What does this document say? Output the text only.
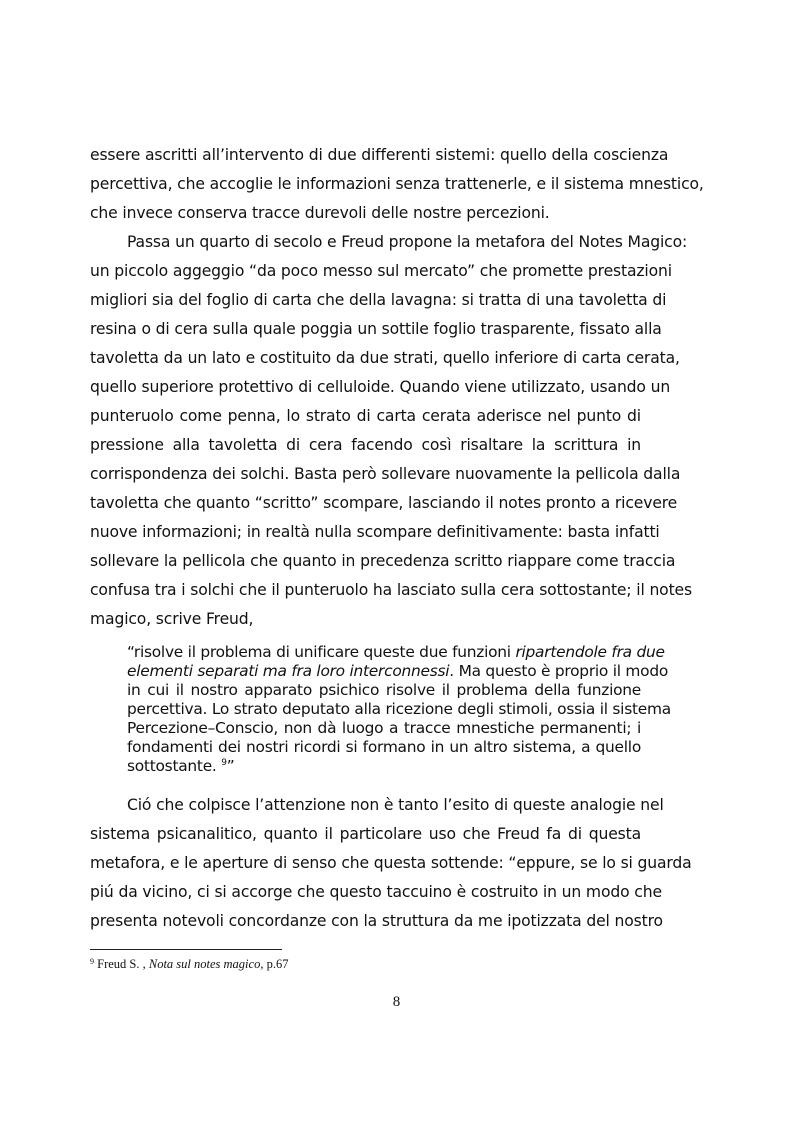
essere ascritti all’intervento di due differenti sistemi: quello della coscienza
percettiva, che accoglie le informazioni senza trattenerle, e il sistema mnestico,
che invece conserva tracce durevoli delle nostre percezioni.
Passa un quarto di secolo e Freud propone la metafora del Notes Magico:
un piccolo aggeggio “da poco messo sul mercato” che promette prestazioni
migliori sia del foglio di carta che della lavagna: si tratta di una tavoletta di
resina o di cera sulla quale poggia un sottile foglio trasparente, fissato alla
tavoletta da un lato e costituito da due strati, quello inferiore di carta cerata,
quello superiore protettivo di celluloide. Quando viene utilizzato, usando un
punteruolo come penna, lo strato di carta cerata aderisce nel punto di
pressione alla tavoletta di cera facendo così risaltare la scrittura in
corrispondenza dei solchi. Basta però sollevare nuovamente la pellicola dalla
tavoletta che quanto “scritto” scompare, lasciando il notes pronto a ricevere
nuove informazioni; in realtà nulla scompare definitivamente: basta infatti
sollevare la pellicola che quanto in precedenza scritto riappare come traccia
confusa tra i solchi che il punteruolo ha lasciato sulla cera sottostante; il notes
magico, scrive Freud,
“risolve il problema di unificare queste due funzioni ripartendole fra due
elementi separati ma fra loro interconnessi. Ma questo è proprio il modo
in cui il nostro apparato psichico risolve il problema della funzione
percettiva. Lo strato deputato alla ricezione degli stimoli, ossia il sistema
Percezione–Conscio, non dà luogo a tracce mnestiche permanenti; i
fondamenti dei nostri ricordi si formano in un altro sistema, a quello
sottostante. $^9$”
Ció che colpisce l’attenzione non è tanto l’esito di queste analogie nel
sistema psicanalitico, quanto il particolare uso che Freud fa di questa
metafora, e le aperture di senso che questa sottende: “eppure, se lo si guarda
piú da vicino, ci si accorge che questo taccuino è costruito in un modo che
presenta notevoli concordanze con la struttura da me ipotizzata del nostro
$^9$ Freud S. , Nota sul notes magico, p.67
8
